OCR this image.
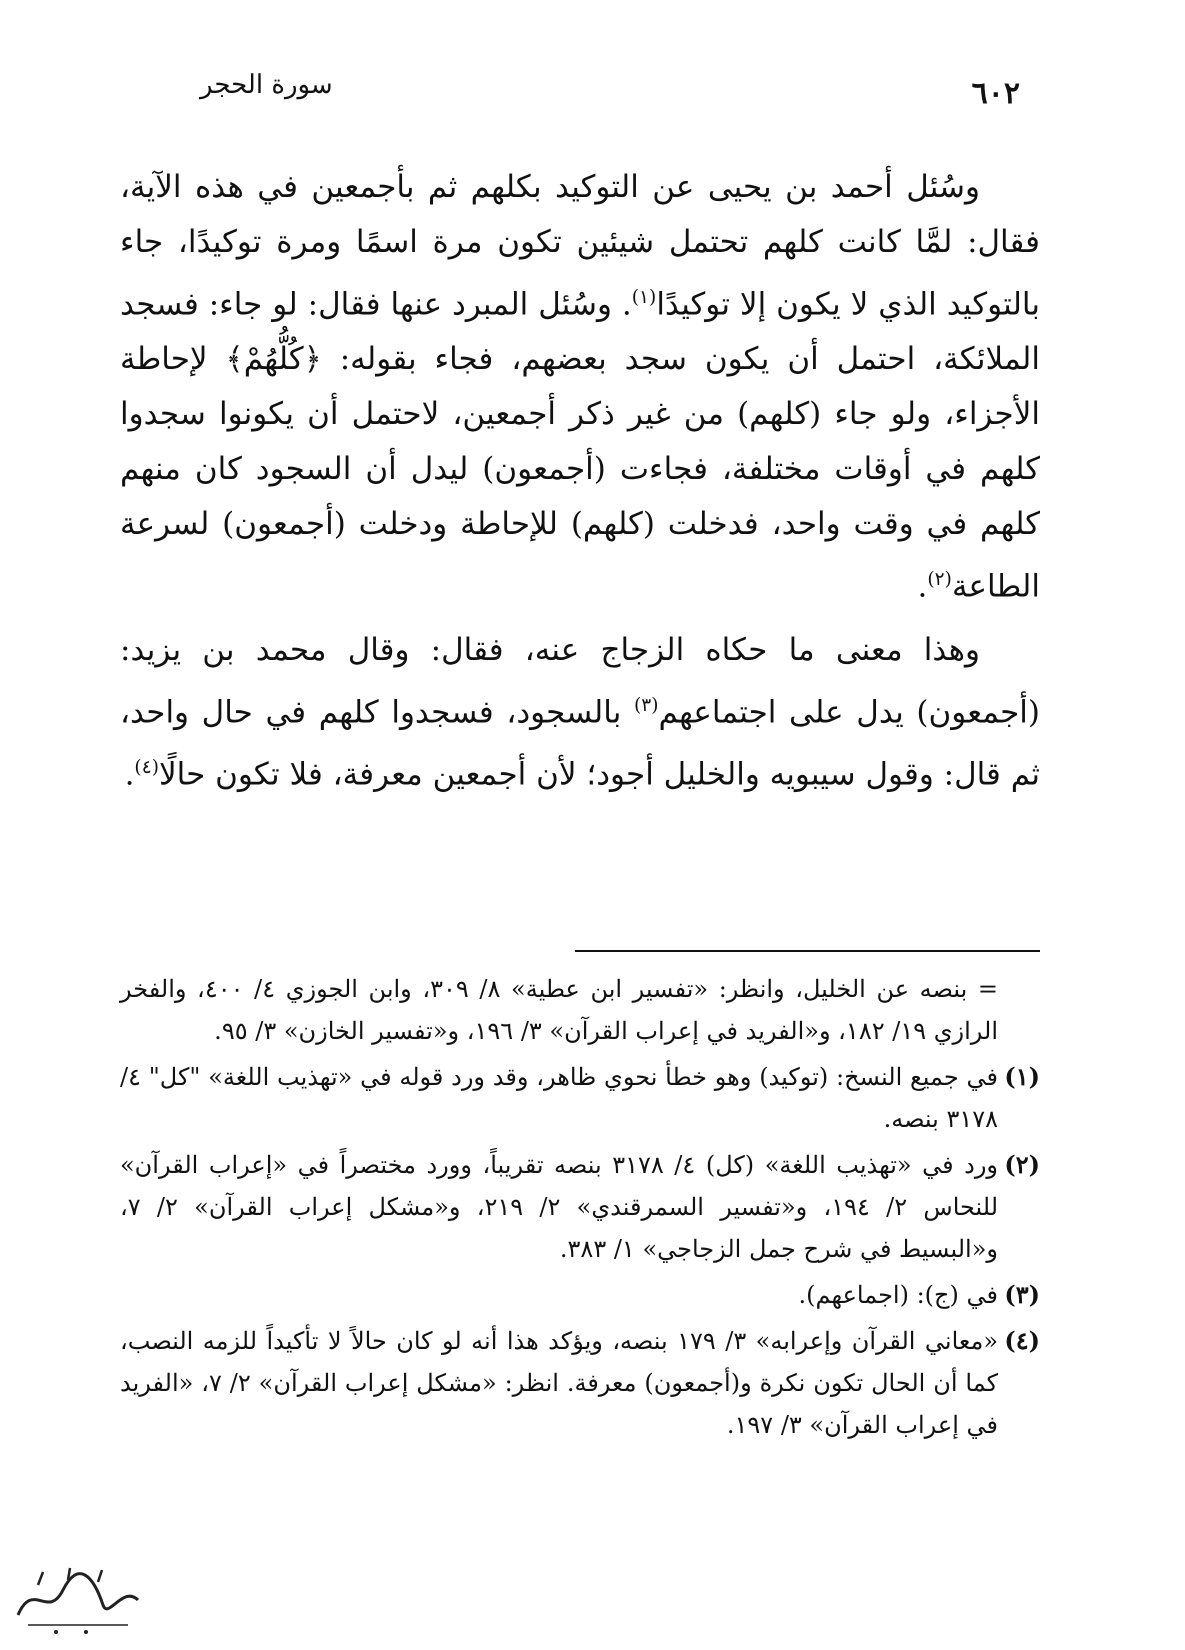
٦٠٢
سورة الحجر

وسُئل أحمد بن يحيى عن التوكيد بكلهم ثم بأجمعين في هذه الآية، فقال: لمَّا كانت كلهم تحتمل شيئين تكون مرة اسمًا ومرة توكيدًا، جاء بالتوكيد الذي لا يكون إلا توكيدًا$^{(١)}$. وسُئل المبرد عنها فقال: لو جاء: فسجد الملائكة، احتمل أن يكون سجد بعضهم، فجاء بقوله: ﴿كُلُّهُمْ﴾ لإحاطة الأجزاء، ولو جاء (كلهم) من غير ذكر أجمعين، لاحتمل أن يكونوا سجدوا كلهم في أوقات مختلفة، فجاءت (أجمعون) ليدل أن السجود كان منهم كلهم في وقت واحد، فدخلت (كلهم) للإحاطة ودخلت (أجمعون) لسرعة الطاعة$^{(٢)}$.

وهذا معنى ما حكاه الزجاج عنه، فقال: وقال محمد بن يزيد: (أجمعون) يدل على اجتماعهم$^{(٣)}$ بالسجود، فسجدوا كلهم في حال واحد، ثم قال: وقول سيبويه والخليل أجود؛ لأن أجمعين معرفة، فلا تكون حالًا$^{(٤)}$.

= بنصه عن الخليل، وانظر: «تفسير ابن عطية» ٨/ ٣٠٩، وابن الجوزي ٤/ ٤٠٠، والفخر الرازي ١٩/ ١٨٢، و«الفريد في إعراب القرآن» ٣/ ١٩٦، و«تفسير الخازن» ٣/ ٩٥.

(١)
في جميع النسخ: (توكيد) وهو خطأ نحوي ظاهر، وقد ورد قوله في «تهذيب اللغة» "كل" ٤/ ٣١٧٨ بنصه.

(٢)
ورد في «تهذيب اللغة» (كل) ٤/ ٣١٧٨ بنصه تقريباً، وورد مختصراً في «إعراب القرآن» للنحاس ٢/ ١٩٤، و«تفسير السمرقندي» ٢/ ٢١٩، و«مشكل إعراب القرآن» ٢/ ٧، و«البسيط في شرح جمل الزجاجي» ١/ ٣٨٣.

(٣)
في (ج): (اجماعهم).

(٤)
«معاني القرآن وإعرابه» ٣/ ١٧٩ بنصه، ويؤكد هذا أنه لو كان حالاً لا تأكيداً للزمه النصب، كما أن الحال تكون نكرة و(أجمعون) معرفة. انظر: «مشكل إعراب القرآن» ٢/ ٧، «الفريد في إعراب القرآن» ٣/ ١٩٧.
